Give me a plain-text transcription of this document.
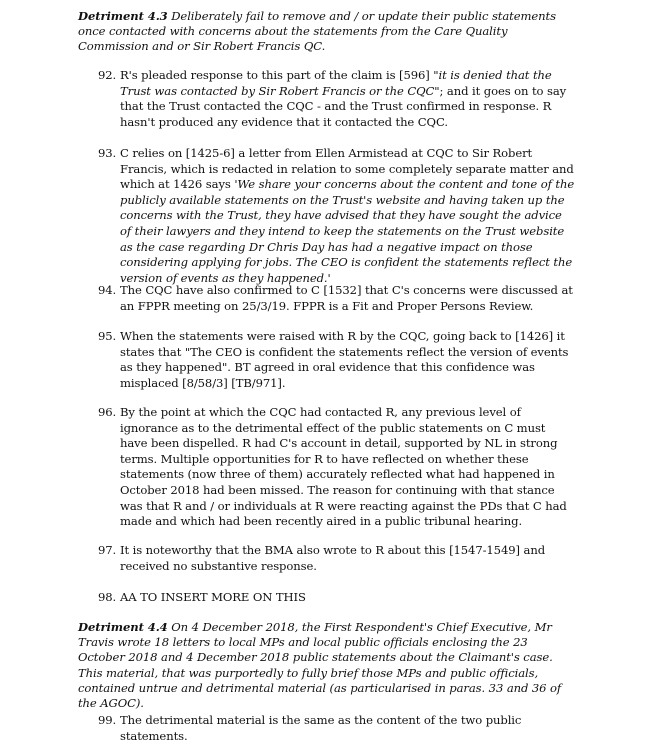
Detriment 4.3 Deliberately fail to remove and / or update their public statements once contacted with concerns about the statements from the Care Quality Commission and or Sir Robert Francis QC.
92. R's pleaded response to this part of the claim is [596] "it is denied that the Trust was contacted by Sir Robert Francis or the CQC"; and it goes on to say that the Trust contacted the CQC - and the Trust confirmed in response. R hasn't produced any evidence that it contacted the CQC.
93. C relies on [1425-6] a letter from Ellen Armistead at CQC to Sir Robert Francis, which is redacted in relation to some completely separate matter and which at 1426 says 'We share your concerns about the content and tone of the publicly available statements on the Trust's website and having taken up the concerns with the Trust, they have advised that they have sought the advice of their lawyers and they intend to keep the statements on the Trust website as the case regarding Dr Chris Day has had a negative impact on those considering applying for jobs. The CEO is confident the statements reflect the version of events as they happened.'
94. The CQC have also confirmed to C [1532] that C's concerns were discussed at an FPPR meeting on 25/3/19. FPPR is a Fit and Proper Persons Review.
95. When the statements were raised with R by the CQC, going back to [1426] it states that "The CEO is confident the statements reflect the version of events as they happened". BT agreed in oral evidence that this confidence was misplaced [8/58/3] [TB/971].
96. By the point at which the CQC had contacted R, any previous level of ignorance as to the detrimental effect of the public statements on C must have been dispelled. R had C's account in detail, supported by NL in strong terms. Multiple opportunities for R to have reflected on whether these statements (now three of them) accurately reflected what had happened in October 2018 had been missed. The reason for continuing with that stance was that R and / or individuals at R were reacting against the PDs that C had made and which had been recently aired in a public tribunal hearing.
97. It is noteworthy that the BMA also wrote to R about this [1547-1549] and received no substantive response.
98. AA TO INSERT MORE ON THIS
Detriment 4.4 On 4 December 2018, the First Respondent's Chief Executive, Mr Travis wrote 18 letters to local MPs and local public officials enclosing the 23 October 2018 and 4 December 2018 public statements about the Claimant's case. This material, that was purportedly to fully brief those MPs and public officials, contained untrue and detrimental material (as particularised in paras. 33 and 36 of the AGOC).
99. The detrimental material is the same as the content of the two public statements.
